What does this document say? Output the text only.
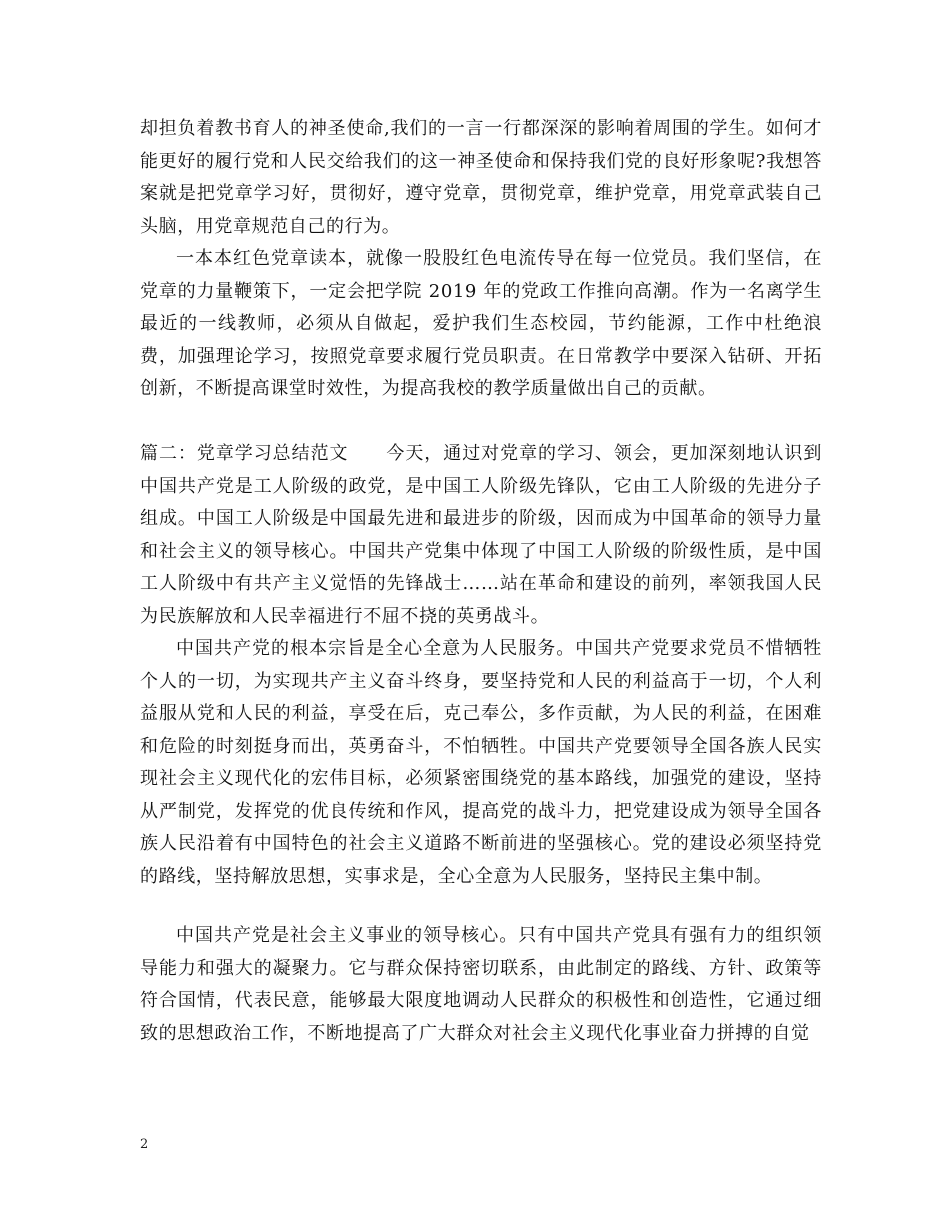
却担负着教书育人的神圣使命,我们的一言一行都深深的影响着周围的学生。如何才能更好的履行党和人民交给我们的这一神圣使命和保持我们党的良好形象呢?我想答案就是把党章学习好，贯彻好，遵守党章，贯彻党章，维护党章，用党章武装自己头脑，用党章规范自己的行为。

一本本红色党章读本，就像一股股红色电流传导在每一位党员。我们坚信，在党章的力量鞭策下，一定会把学院 2019 年的党政工作推向高潮。作为一名离学生最近的一线教师，必须从自做起，爱护我们生态校园，节约能源，工作中杜绝浪费，加强理论学习，按照党章要求履行党员职责。在日常教学中要深入钻研、开拓创新，不断提高课堂时效性，为提高我校的教学质量做出自己的贡献。

篇二：党章学习总结范文　　今天，通过对党章的学习、领会，更加深刻地认识到中国共产党是工人阶级的政党，是中国工人阶级先锋队，它由工人阶级的先进分子组成。中国工人阶级是中国最先进和最进步的阶级，因而成为中国革命的领导力量和社会主义的领导核心。中国共产党集中体现了中国工人阶级的阶级性质，是中国工人阶级中有共产主义觉悟的先锋战士……站在革命和建设的前列，率领我国人民为民族解放和人民幸福进行不屈不挠的英勇战斗。

中国共产党的根本宗旨是全心全意为人民服务。中国共产党要求党员不惜牺牲个人的一切，为实现共产主义奋斗终身，要坚持党和人民的利益高于一切，个人利益服从党和人民的利益，享受在后，克己奉公，多作贡献，为人民的利益，在困难和危险的时刻挺身而出，英勇奋斗，不怕牺牲。中国共产党要领导全国各族人民实现社会主义现代化的宏伟目标，必须紧密围绕党的基本路线，加强党的建设，坚持从严制党，发挥党的优良传统和作风，提高党的战斗力，把党建设成为领导全国各族人民沿着有中国特色的社会主义道路不断前进的坚强核心。党的建设必须坚持党的路线，坚持解放思想，实事求是，全心全意为人民服务，坚持民主集中制。

中国共产党是社会主义事业的领导核心。只有中国共产党具有强有力的组织领导能力和强大的凝聚力。它与群众保持密切联系，由此制定的路线、方针、政策等符合国情，代表民意，能够最大限度地调动人民群众的积极性和创造性，它通过细致的思想政治工作，不断地提高了广大群众对社会主义现代化事业奋力拼搏的自觉

2
